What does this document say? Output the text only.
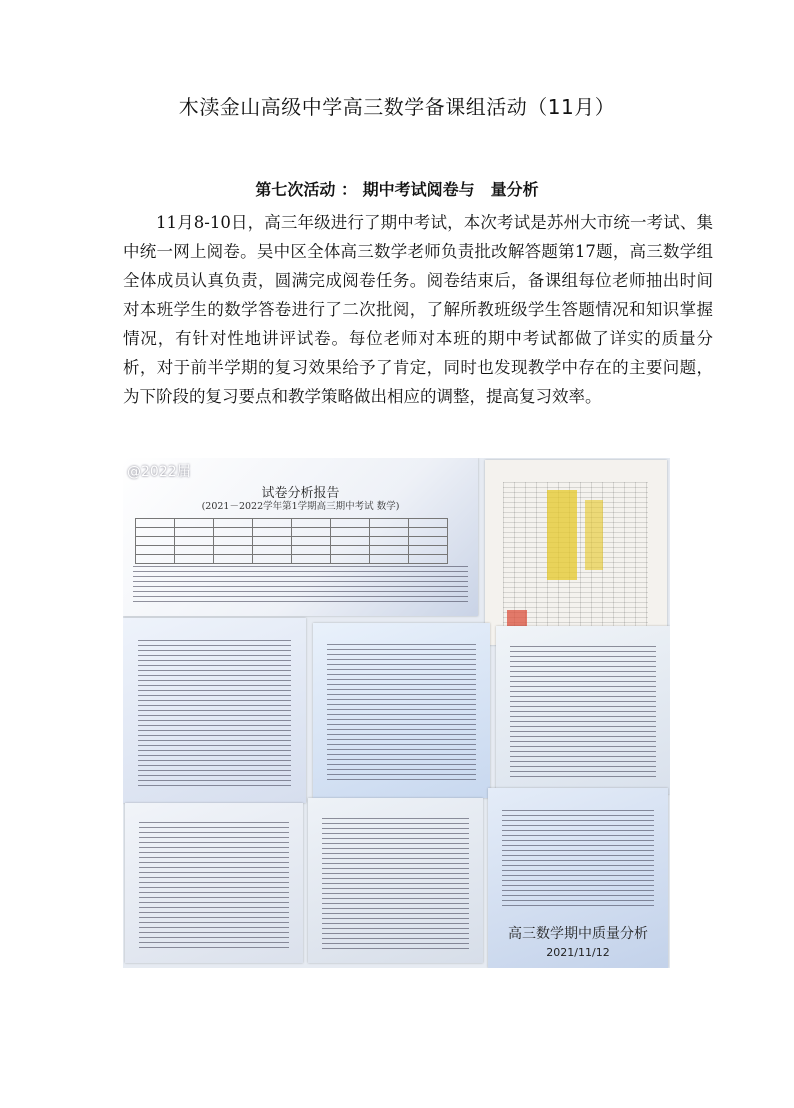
木渎金山高级中学高三数学备课组活动（11月）
第七次活动 ： 期中考试阅卷与　量分析
11月8-10日，高三年级进行了期中考试，本次考试是苏州大市统一考试、集中统一网上阅卷。吴中区全体高三数学老师负责批改解答题第17题，高三数学组全体成员认真负责，圆满完成阅卷任务。阅卷结束后，备课组每位老师抽出时间对本班学生的数学答卷进行了二次批阅，了解所教班级学生答题情况和知识掌握情况，有针对性地讲评试卷。每位老师对本班的期中考试都做了详实的质量分析，对于前半学期的复习效果给予了肯定，同时也发现教学中存在的主要问题，为下阶段的复习要点和教学策略做出相应的调整，提高复习效率。
@2022届
试卷分析报告
(2021－2022学年第1学期高三期中考试 数学)

高三数学期中质量分析
2021/11/12
